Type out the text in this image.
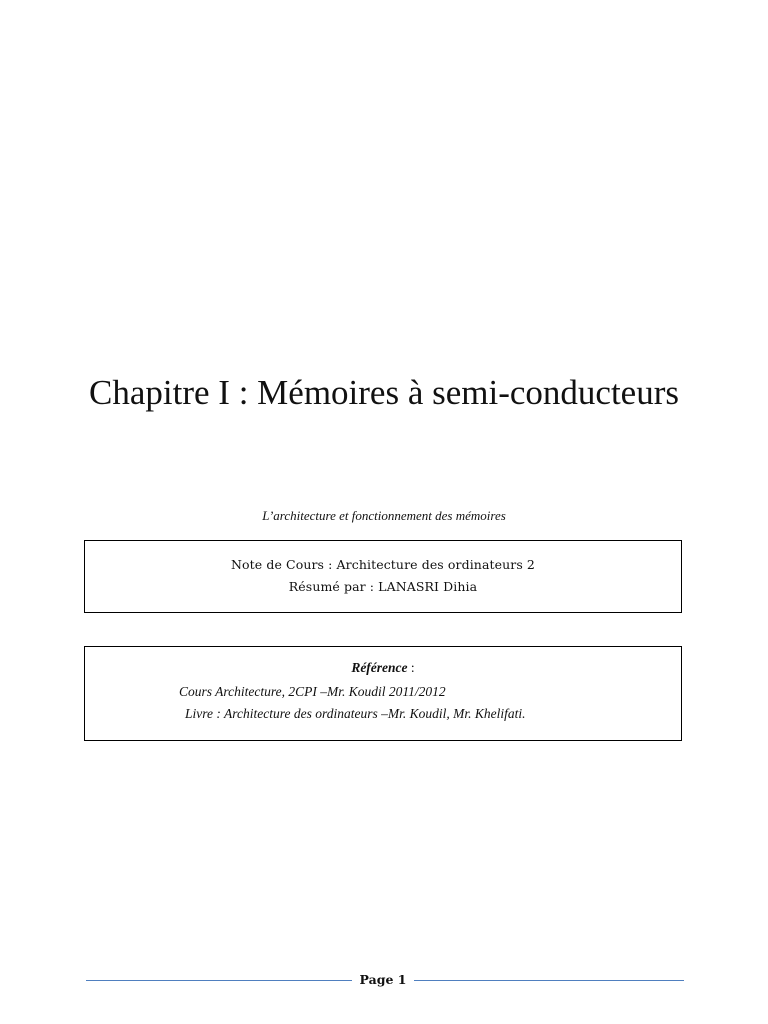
Chapitre I : Mémoires à semi-conducteurs
L’architecture et fonctionnement des mémoires
Note de Cours : Architecture des ordinateurs 2
Résumé par : LANASRI Dihia
Référence :
Cours Architecture, 2CPI –Mr. Koudil 2011/2012
Livre : Architecture des ordinateurs –Mr. Koudil, Mr. Khelifati.
Page 1
